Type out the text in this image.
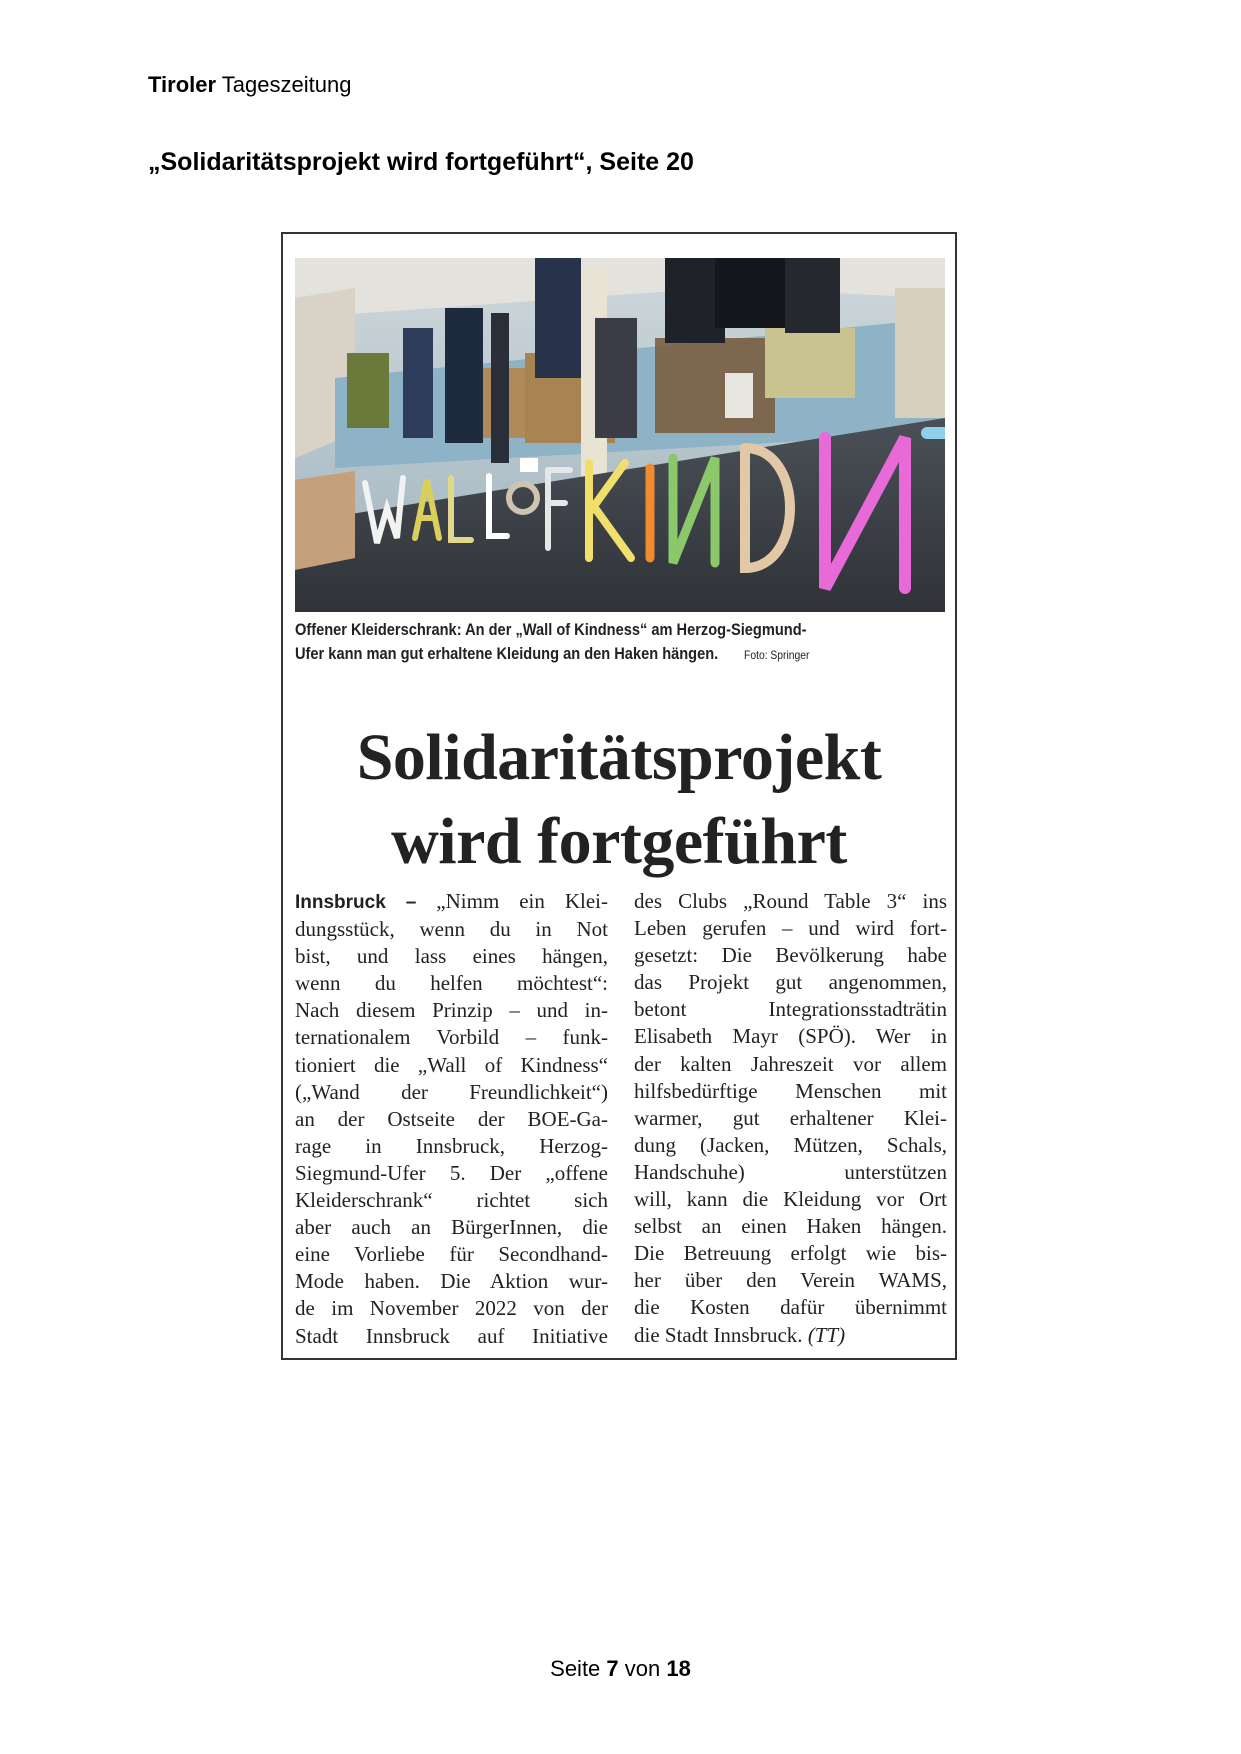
Tiroler Tageszeitung
„Solidaritätsprojekt wird fortgeführt“, Seite 20
Offener Kleiderschrank: An der „Wall of Kindness“ am Herzog-Siegmund-
Ufer kann man gut erhaltene Kleidung an den Haken hängen. Foto: Springer
Solidaritätsprojekt
wird fortgeführt
Innsbruck – „Nimm ein Klei-
dungsstück, wenn du in Not
bist, und lass eines hängen,
wenn du helfen möchtest“:
Nach diesem Prinzip – und in-
ternationalem Vorbild – funk-
tioniert die „Wall of Kindness“
(„Wand der Freundlichkeit“)
an der Ostseite der BOE-Ga-
rage in Innsbruck, Herzog-
Siegmund-Ufer 5. Der „offene
Kleiderschrank“ richtet sich
aber auch an BürgerInnen, die
eine Vorliebe für Secondhand-
Mode haben. Die Aktion wur-
de im November 2022 von der
Stadt Innsbruck auf Initiative
des Clubs „Round Table 3“ ins
Leben gerufen – und wird fort-
gesetzt: Die Bevölkerung habe
das Projekt gut angenommen,
betont Integrationsstadträtin
Elisabeth Mayr (SPÖ). Wer in
der kalten Jahreszeit vor allem
hilfsbedürftige Menschen mit
warmer, gut erhaltener Klei-
dung (Jacken, Mützen, Schals,
Handschuhe) unterstützen
will, kann die Kleidung vor Ort
selbst an einen Haken hängen.
Die Betreuung erfolgt wie bis-
her über den Verein WAMS,
die Kosten dafür übernimmt
die Stadt Innsbruck. (TT)
Seite 7 von 18
